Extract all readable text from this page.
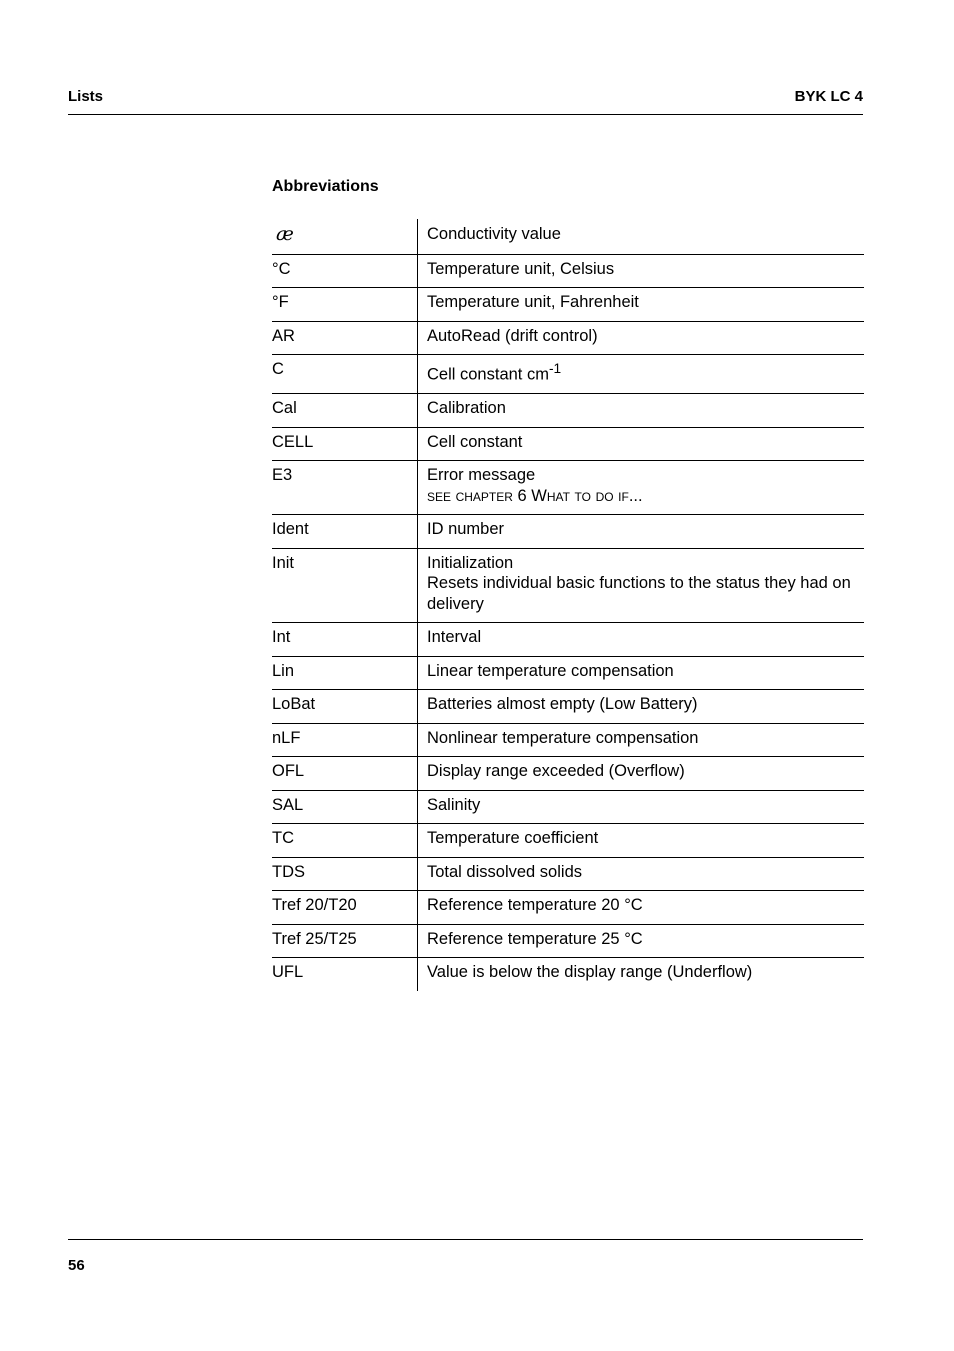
Lists	BYK LC 4
Abbreviations
æ	Conductivity value
°C	Temperature unit, Celsius
°F	Temperature unit, Fahrenheit
AR	AutoRead (drift control)
C	Cell constant $cm^{-1}$
Cal	Calibration
CELL	Cell constant
E3	Error message
see chapter 6 What to do if...

Ident	ID number
Init	Initialization
Resets individual basic functions to the status they had on delivery

Int	Interval
Lin	Linear temperature compensation
LoBat	Batteries almost empty (Low Battery)
nLF	Nonlinear temperature compensation
OFL	Display range exceeded (Overflow)
SAL	Salinity
TC	Temperature coefficient
TDS	Total dissolved solids
Tref 20/T20	Reference temperature 20 °C
Tref 25/T25	Reference temperature 25 °C
UFL	Value is below the display range (Underflow)
56
